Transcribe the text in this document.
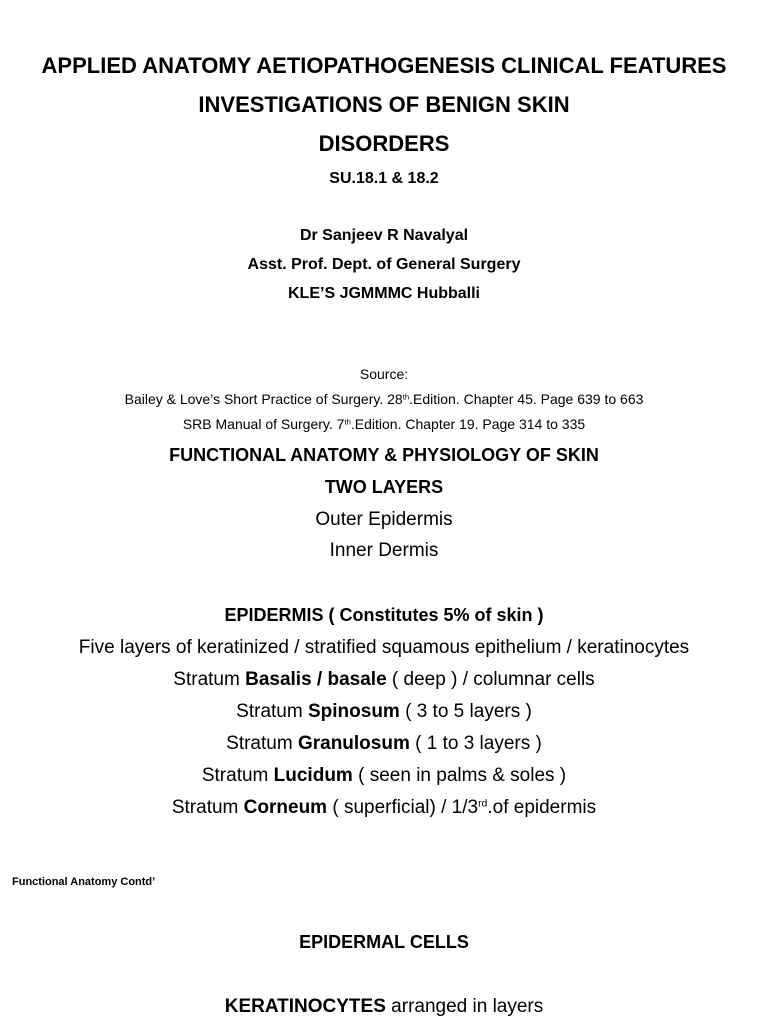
APPLIED ANATOMY AETIOPATHOGENESIS CLINICAL FEATURES
INVESTIGATIONS OF BENIGN SKIN
DISORDERS
SU.18.1 & 18.2
Dr Sanjeev R Navalyal
Asst. Prof. Dept. of General Surgery
KLE’S JGMMMC Hubballi
Source:
Bailey & Love’s Short Practice of Surgery. 28th.Edition. Chapter 45. Page 639 to 663
SRB Manual of Surgery. 7th.Edition. Chapter 19. Page 314 to 335
FUNCTIONAL ANATOMY & PHYSIOLOGY OF SKIN
TWO LAYERS
Outer Epidermis
Inner Dermis
EPIDERMIS ( Constitutes 5% of skin )
Five layers of keratinized / stratified squamous epithelium / keratinocytes
Stratum Basalis / basale ( deep ) / columnar cells
Stratum Spinosum ( 3 to 5 layers )
Stratum Granulosum ( 1 to 3 layers )
Stratum Lucidum ( seen in palms & soles )
Stratum Corneum ( superficial) / 1/3rd.of epidermis
Functional Anatomy Contd’
EPIDERMAL CELLS
KERATINOCYTES arranged in layers
